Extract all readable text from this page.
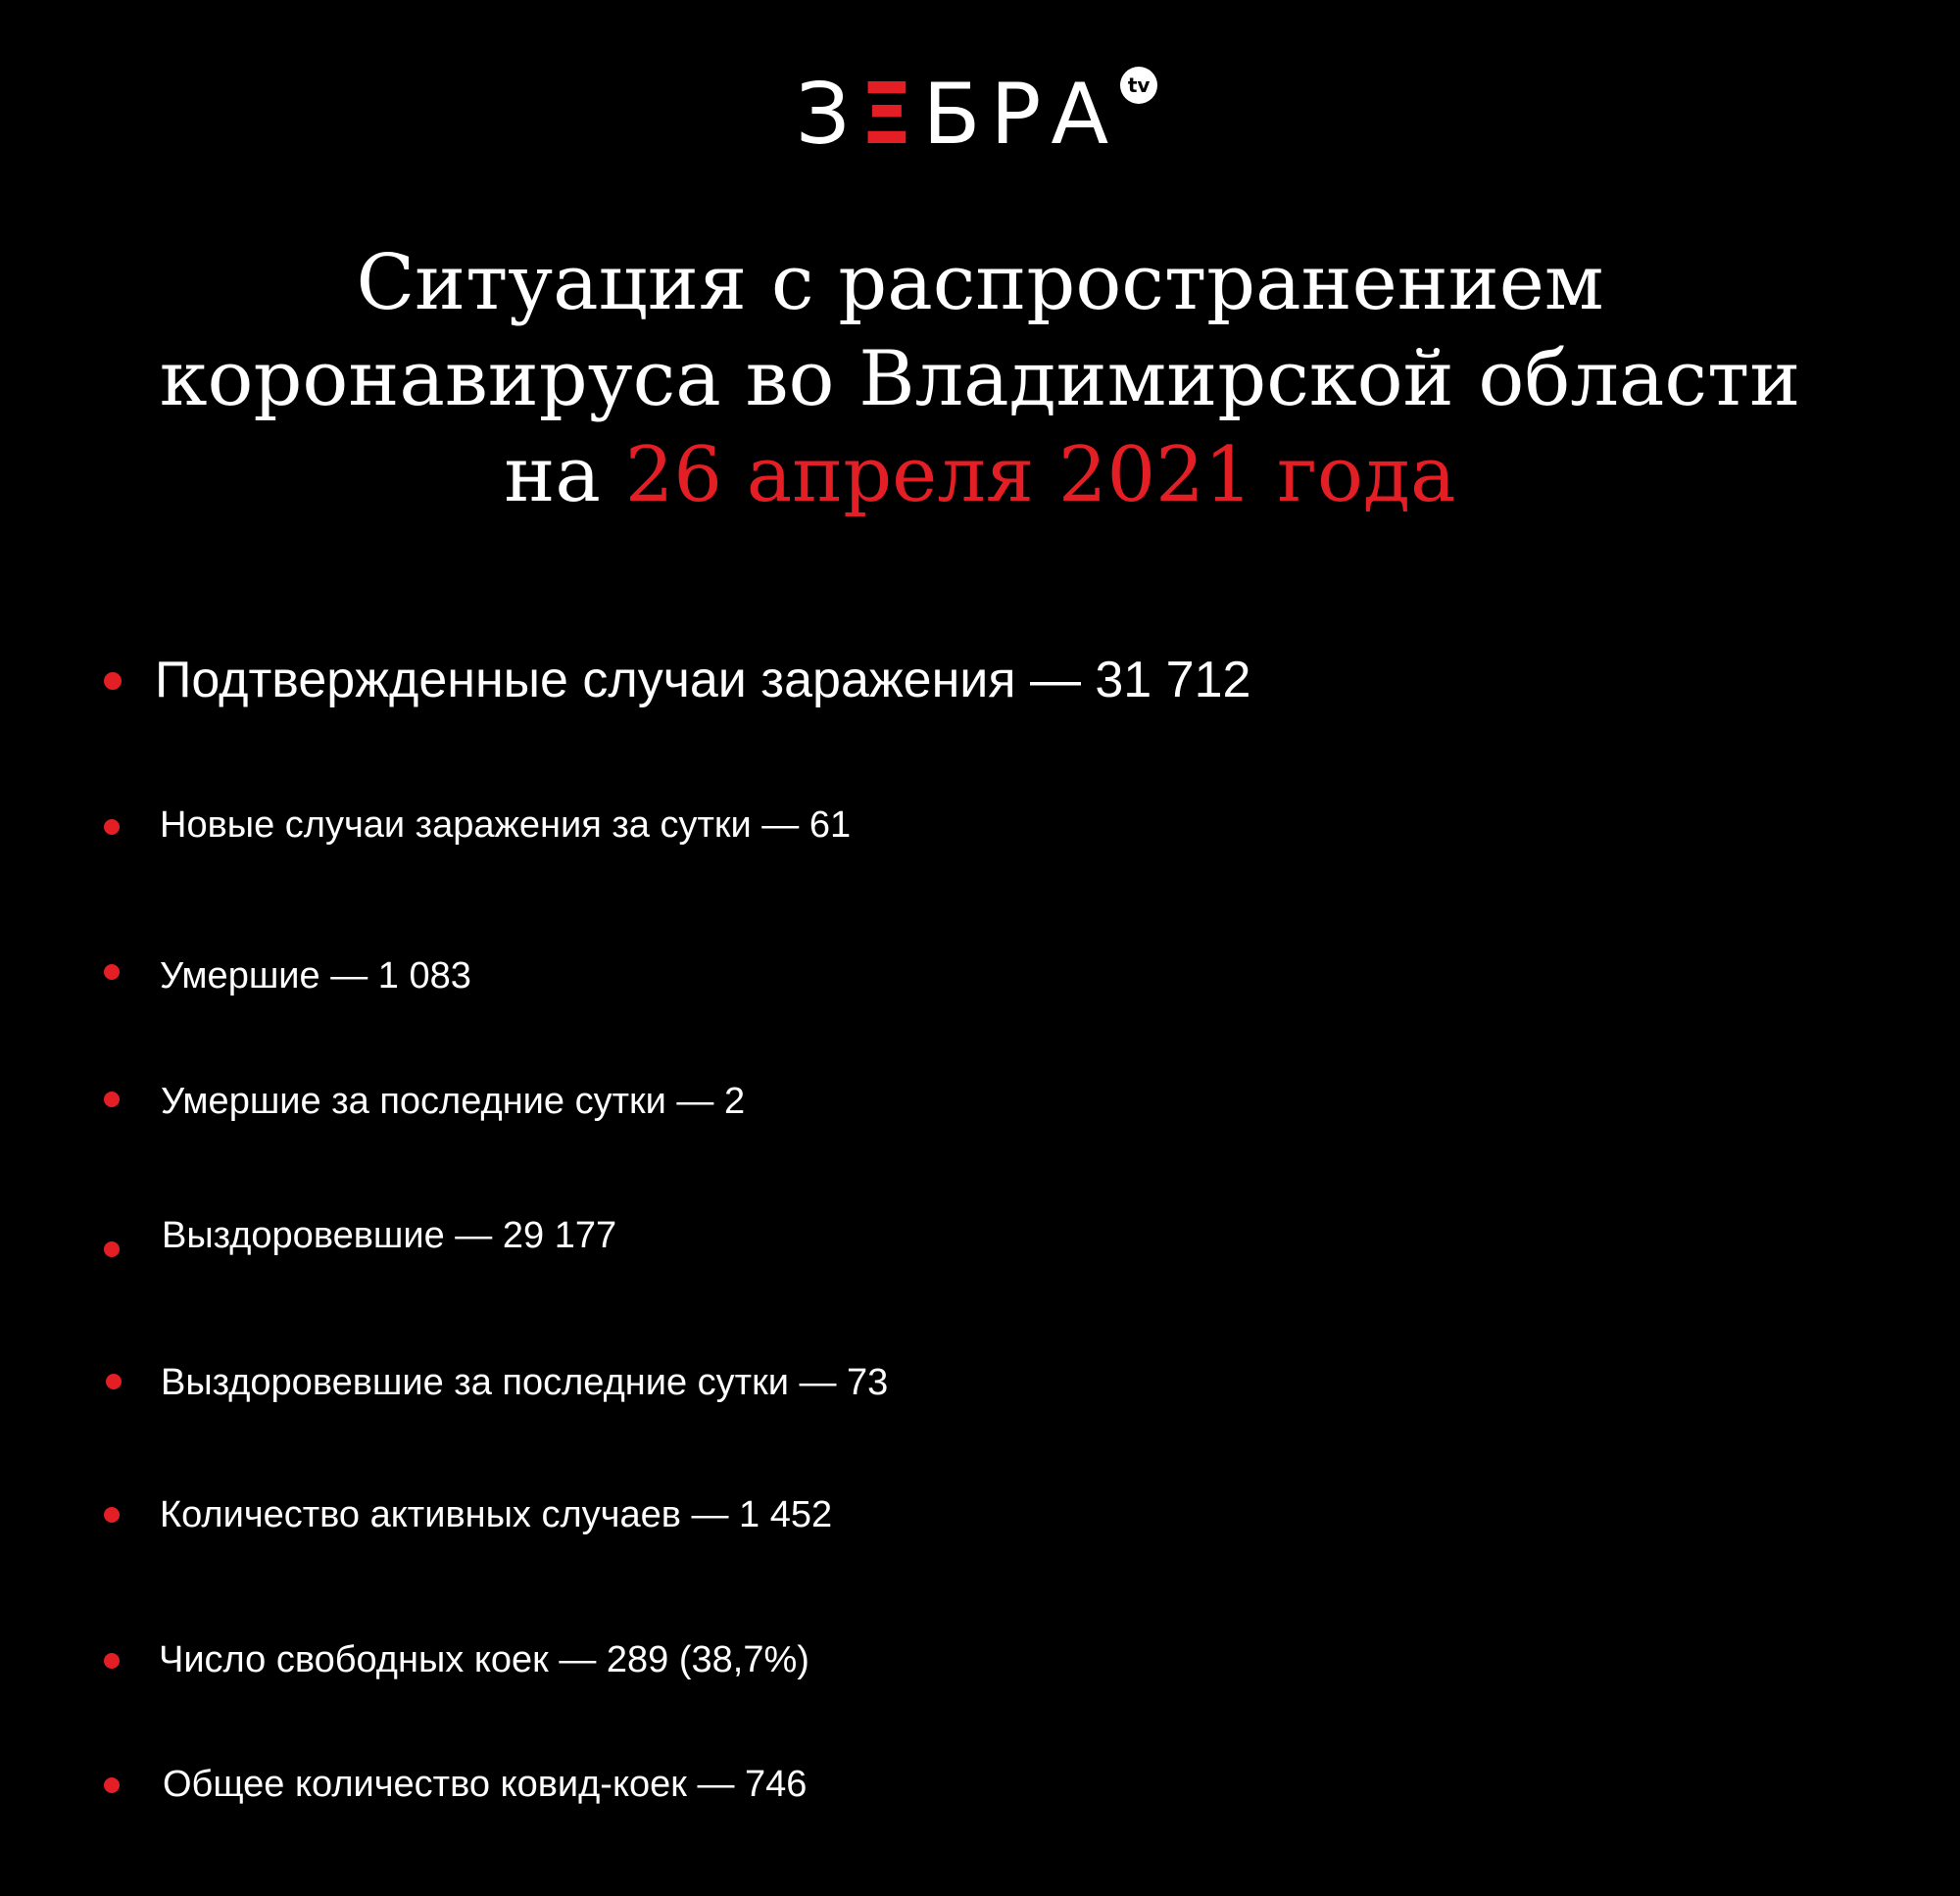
З Ξ БРА tv
Ситуация с распространением
коронавируса во Владимирской области
на 26 апреля 2021 года
Подтвержденные случаи заражения — 31 712
Новые случаи заражения за сутки — 61
Умершие — 1 083
Умершие за последние сутки — 2
Выздоровевшие — 29 177
Выздоровевшие за последние сутки — 73
Количество активных случаев — 1 452
Число свободных коек — 289 (38,7%)
Общее количество ковид-коек — 746
